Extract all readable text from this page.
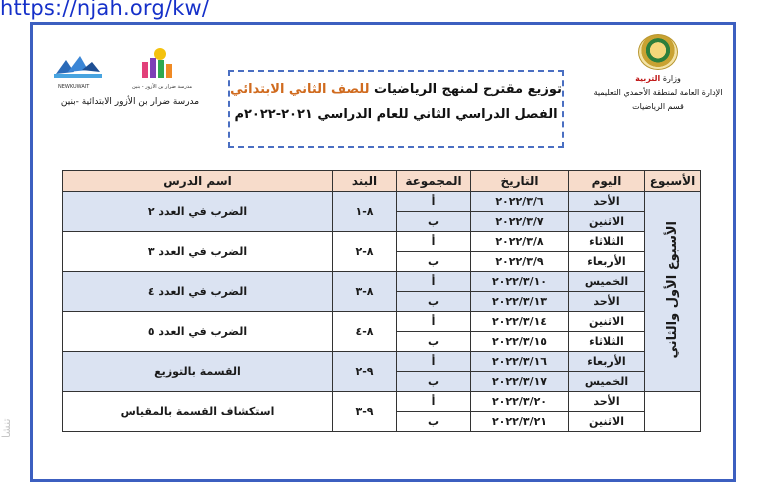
https://njah.org/kw/
وزارة التربية
الإدارة العامة لمنطقة الأحمدي التعليمية
قسم الرياضيات
توزيع مقترح لمنهج الرياضيات للصف الثاني الابتدائي
الفصل الدراسي الثاني للعام الدراسي ٢٠٢١-٢٠٢٢م
NEWKUWAIT	مدرسة ضرار بن الأزور - بنين
مدرسة ضرار بن الأزور الابتدائية -بنين
الأسبوع	اليوم	التاريخ	المجموعة	البند	اسم الدرس
الأسبوع الأول والثاني	الأحد	٢٠٢٢/٣/٦	أ	٨-١	الضرب في العدد ٢
	الاثنين	٢٠٢٢/٣/٧	ب		
	الثلاثاء	٢٠٢٢/٣/٨	أ	٨-٢	الضرب في العدد ٣
	الأربعاء	٢٠٢٢/٣/٩	ب		
	الخميس	٢٠٢٢/٣/١٠	أ	٨-٣	الضرب في العدد ٤
	الأحد	٢٠٢٢/٣/١٣	ب		
	الاثنين	٢٠٢٢/٣/١٤	أ	٨-٤	الضرب في العدد ٥
	الثلاثاء	٢٠٢٢/٣/١٥	ب		
	الأربعاء	٢٠٢٢/٣/١٦	أ	٩-٢	القسمة بالتوزيع
	الخميس	٢٠٢٢/٣/١٧	ب		
	الأحد	٢٠٢٢/٣/٢٠	أ	٩-٣	استكشاف القسمة بالمقياس
	الاثنين	٢٠٢٢/٣/٢١	ب		
تنشا
